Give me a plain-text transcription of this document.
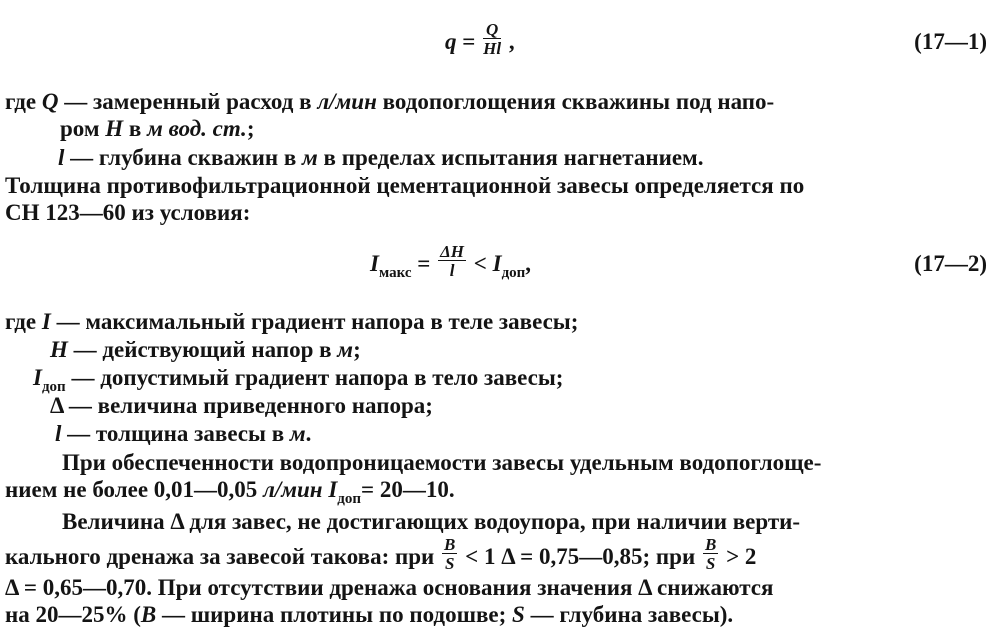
$q = \frac{Q}{Hl}$ ,	(17—1)
где Q — замеренный расход в л/мин водопоглощения скважины под напо-
ром H в м вод. ст.;
l — глубина скважин в м в пределах испытания нагнетанием.
Толщина противофильтрационной цементационной завесы определяется по
СН 123—60 из условия:
$I_{макс} = \frac{\Delta H}{l} < I_{доп}$,	(17—2)
где I — максимальный градиент напора в теле завесы;
H — действующий напор в м;
$I_{доп}$ — допустимый градиент напора в тело завесы;
Δ — величина приведенного напора;
l — толщина завесы в м.
При обеспеченности водопроницаемости завесы удельным водопоглоще-
нием не более 0,01—0,05 л/мин $I_{доп}=$ 20—10.
Величина Δ для завес, не достигающих водоупора, при наличии верти-
кального дренажа за завесой такова: при $\frac{B}{S} < 1$ Δ = 0,75—0,85; при $\frac{B}{S} > 2$
Δ = 0,65—0,70. При отсутствии дренажа основания значения Δ снижаются
на 20—25% (B — ширина плотины по подошве; S — глубина завесы).
